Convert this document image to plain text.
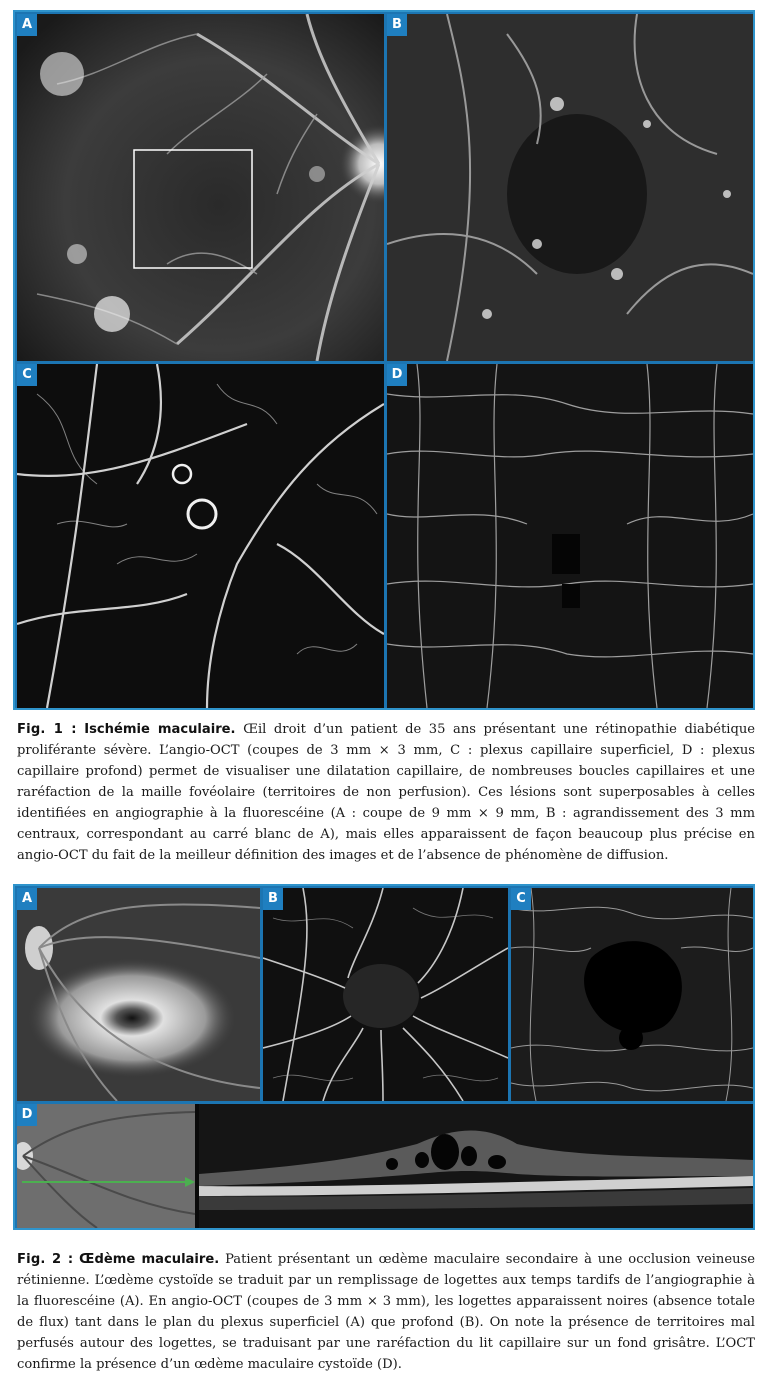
A	B
C	D

Fig. 1 : Ischémie maculaire. Œil droit d’un patient de 35 ans présentant une rétinopathie diabétique proliférante sévère. L’angio-OCT (coupes de 3 mm × 3 mm, C : plexus capillaire superficiel, D : plexus capillaire profond) permet de visualiser une dilatation capillaire, de nombreuses boucles capillaires et une raréfaction de la maille fovéolaire (territoires de non perfusion). Ces lésions sont superposables à celles identifiées en angiographie à la fluorescéine (A : coupe de 9 mm × 9 mm, B : agrandissement des 3 mm centraux, correspondant au carré blanc de A), mais elles apparaissent de façon beaucoup plus précise en angio-OCT du fait de la meilleur définition des images et de l’absence de phénomène de diffusion.

A	B	C
D

Fig. 2 : Œdème maculaire. Patient présentant un œdème maculaire secondaire à une occlusion veineuse rétinienne. L’œdème cystoïde se traduit par un remplissage de logettes aux temps tardifs de l’angiographie à la fluorescéine (A). En angio-OCT (coupes de 3 mm × 3 mm), les logettes apparaissent noires (absence totale de flux) tant dans le plan du plexus superficiel (A) que profond (B). On note la présence de territoires mal perfusés autour des logettes, se traduisant par une raréfaction du lit capillaire sur un fond grisâtre. L’OCT confirme la présence d’un œdème maculaire cystoïde (D).
